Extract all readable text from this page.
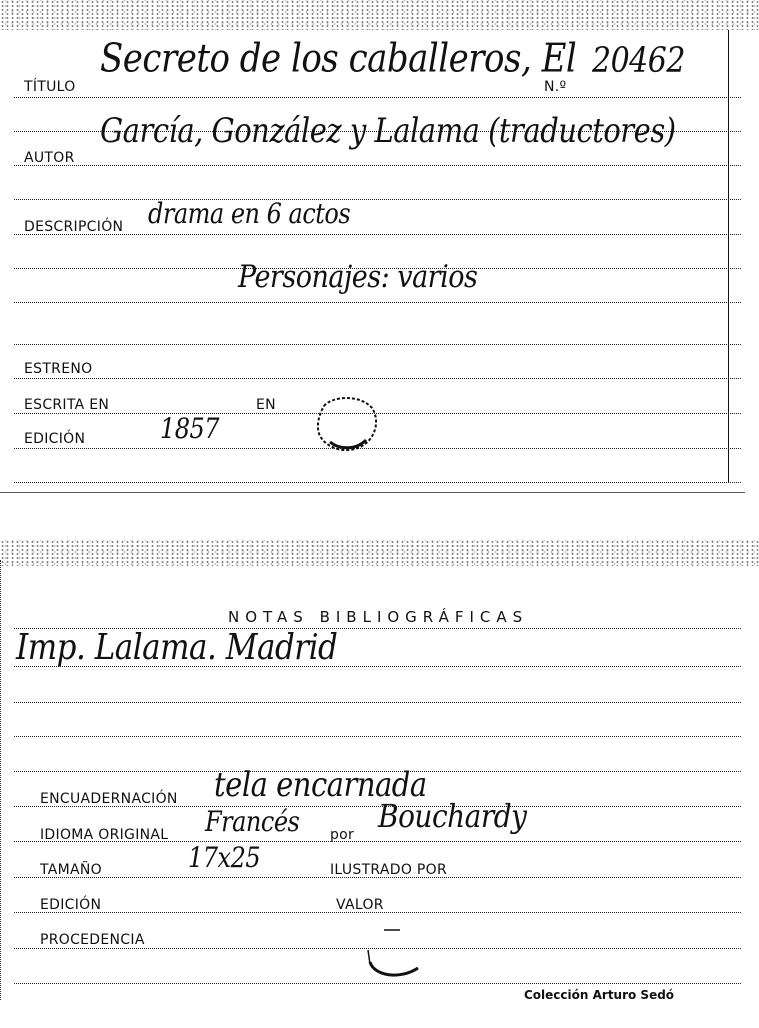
TÍTULO
Secreto de los caballeros, El
N.º
20462
AUTOR
García, González y Lalama (traductores)
DESCRIPCIÓN drama en 6 actos
Personajes: varios
ESTRENO
ESCRITA EN	EN
EDICIÓN	1857
NOTAS BIBLIOGRÁFICAS
Imp. Lalama. Madrid
ENCUADERNACIÓN tela encarnada
IDIOMA ORIGINAL Francés por Bouchardy
TAMAÑO	17x25	ILUSTRADO POR
EDICIÓN	VALOR
PROCEDENCIA
Colección Arturo Sedó
